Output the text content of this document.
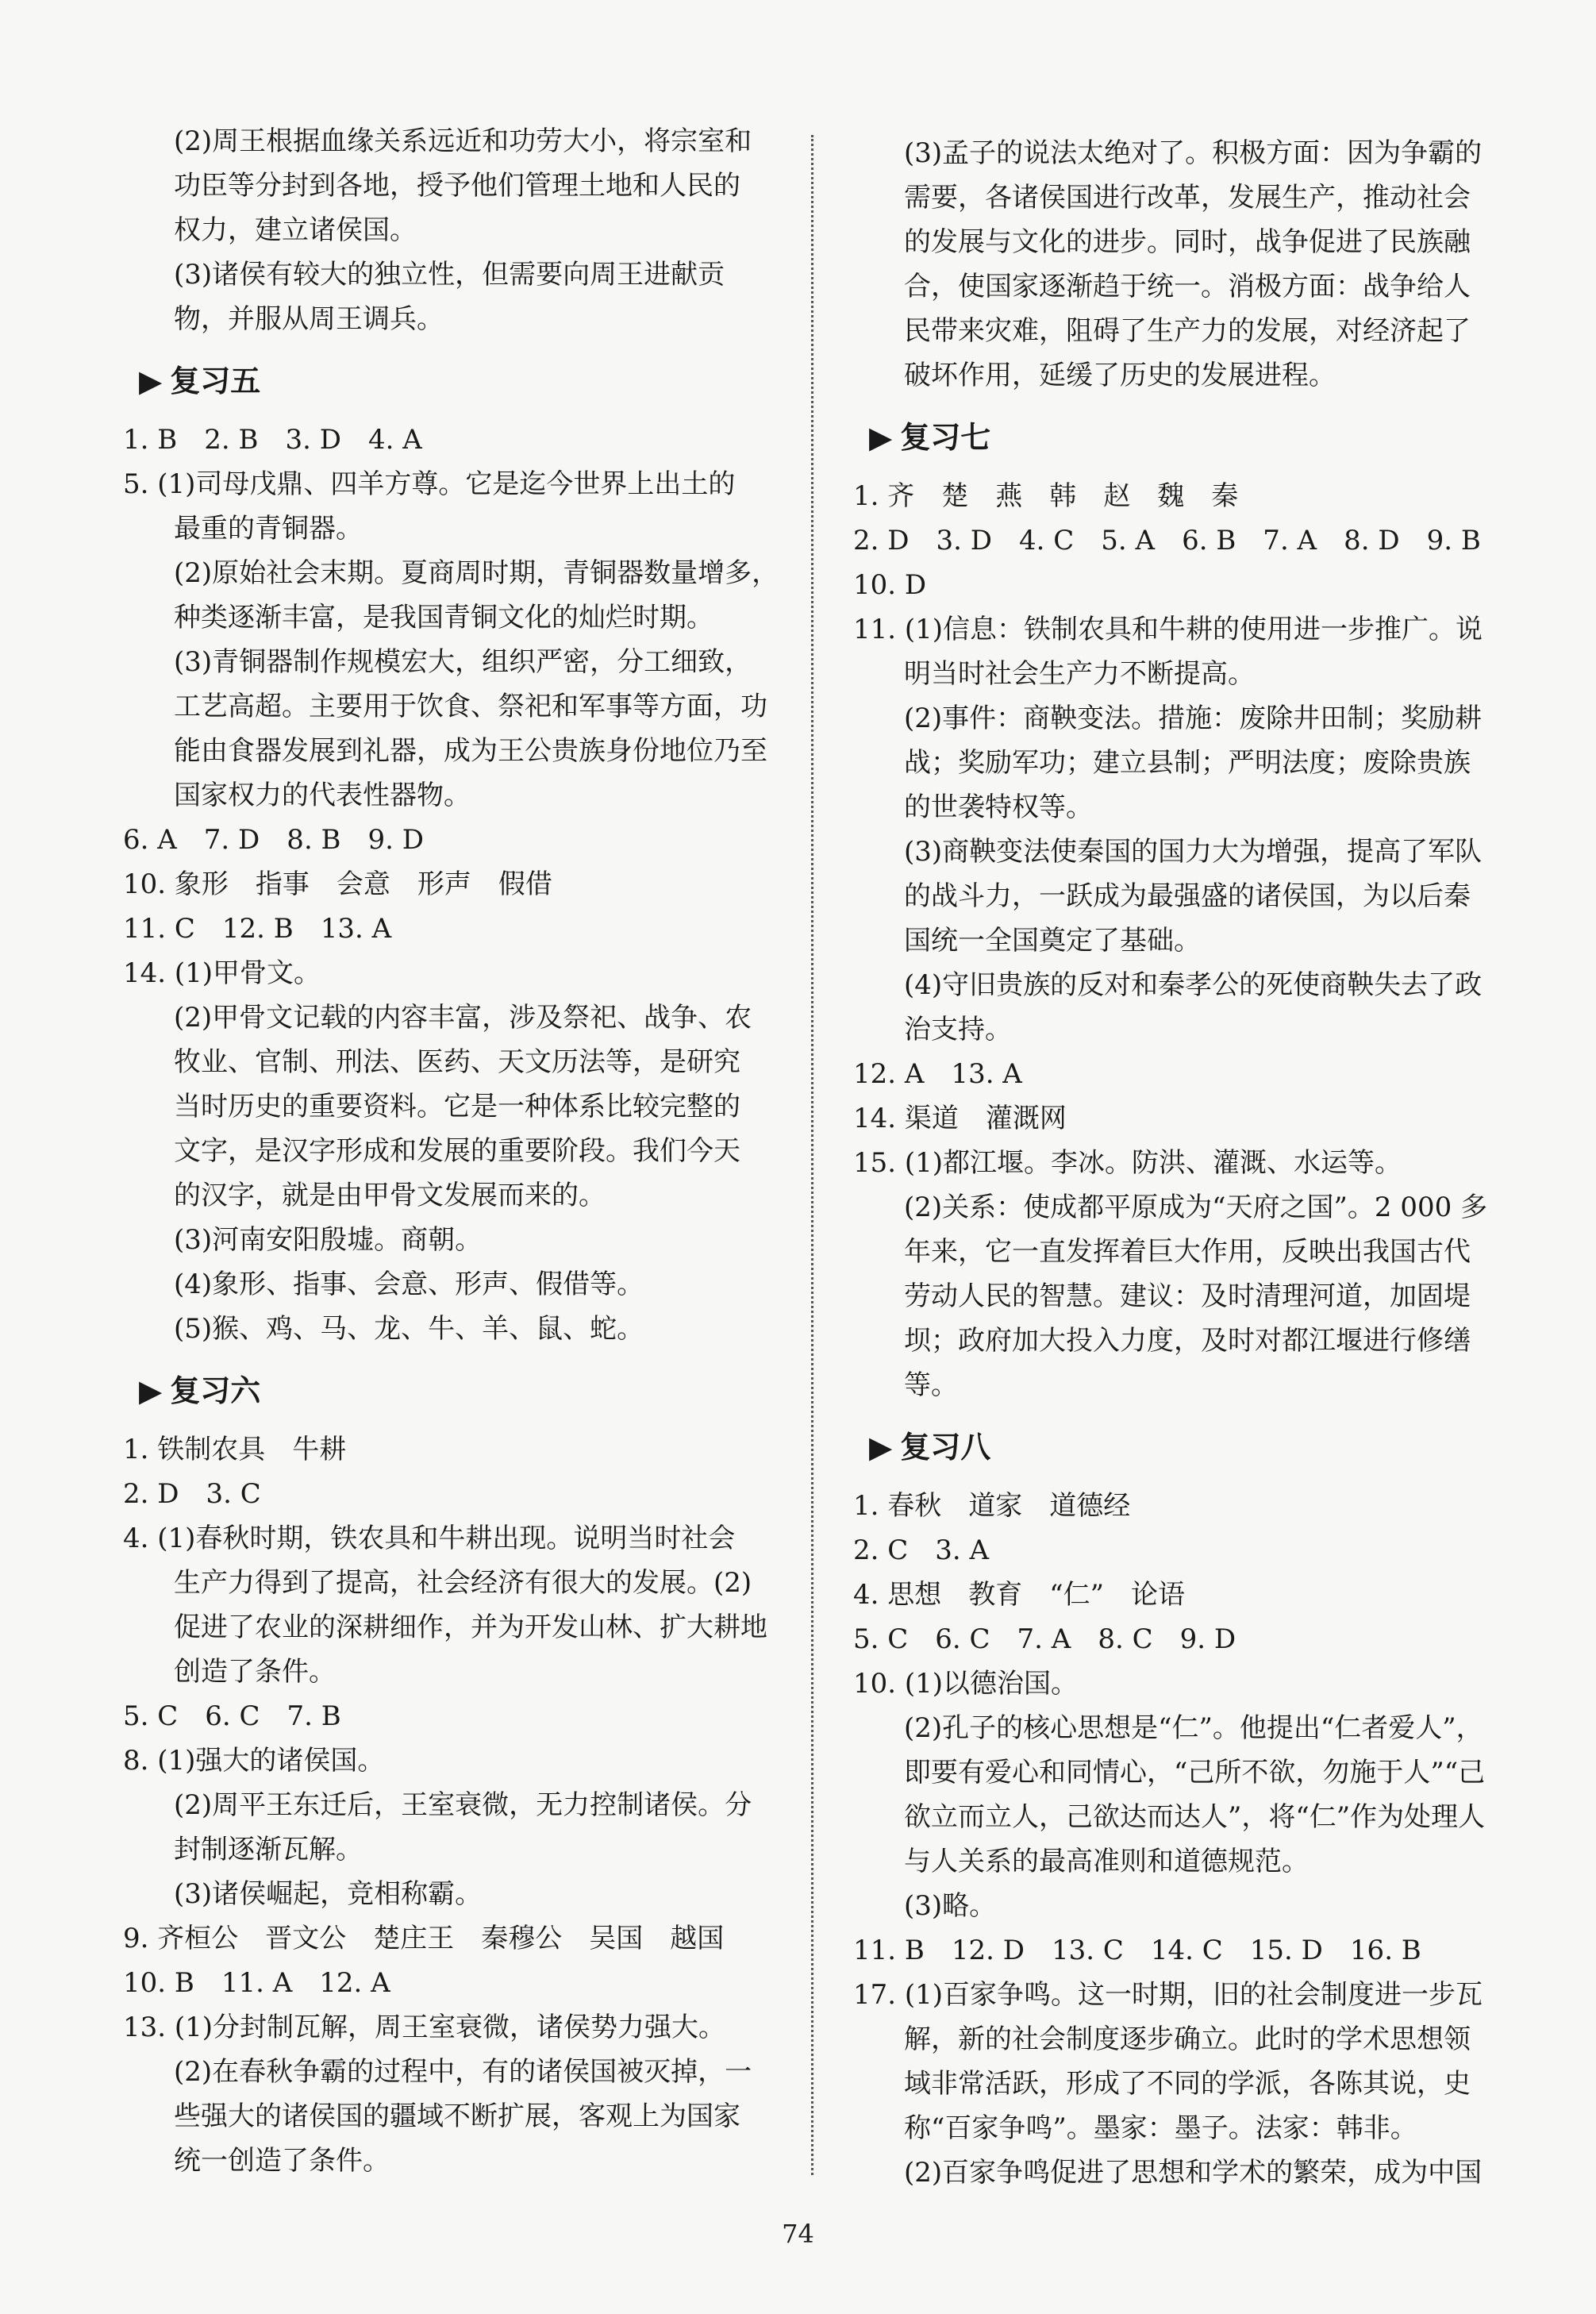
(2)周王根据血缘关系远近和功劳大小，将宗室和
功臣等分封到各地，授予他们管理土地和人民的
权力，建立诸侯国。
(3)诸侯有较大的独立性，但需要向周王进献贡
物，并服从周王调兵。
▶ 复习五
1. B　2. B　3. D　4. A
5. (1)司母戊鼎、四羊方尊。它是迄今世界上出土的
最重的青铜器。
(2)原始社会末期。夏商周时期，青铜器数量增多，
种类逐渐丰富，是我国青铜文化的灿烂时期。
(3)青铜器制作规模宏大，组织严密，分工细致，
工艺高超。主要用于饮食、祭祀和军事等方面，功
能由食器发展到礼器，成为王公贵族身份地位乃至
国家权力的代表性器物。
6. A　7. D　8. B　9. D
10. 象形　指事　会意　形声　假借
11. C　12. B　13. A
14. (1)甲骨文。
(2)甲骨文记载的内容丰富，涉及祭祀、战争、农
牧业、官制、刑法、医药、天文历法等，是研究
当时历史的重要资料。它是一种体系比较完整的
文字，是汉字形成和发展的重要阶段。我们今天
的汉字，就是由甲骨文发展而来的。
(3)河南安阳殷墟。商朝。
(4)象形、指事、会意、形声、假借等。
(5)猴、鸡、马、龙、牛、羊、鼠、蛇。
▶ 复习六
1. 铁制农具　牛耕
2. D　3. C
4. (1)春秋时期，铁农具和牛耕出现。说明当时社会
生产力得到了提高，社会经济有很大的发展。(2)
促进了农业的深耕细作，并为开发山林、扩大耕地
创造了条件。
5. C　6. C　7. B
8. (1)强大的诸侯国。
(2)周平王东迁后，王室衰微，无力控制诸侯。分
封制逐渐瓦解。
(3)诸侯崛起，竞相称霸。
9. 齐桓公　晋文公　楚庄王　秦穆公　吴国　越国
10. B　11. A　12. A
13. (1)分封制瓦解，周王室衰微，诸侯势力强大。
(2)在春秋争霸的过程中，有的诸侯国被灭掉，一
些强大的诸侯国的疆域不断扩展，客观上为国家
统一创造了条件。
(3)孟子的说法太绝对了。积极方面：因为争霸的
需要，各诸侯国进行改革，发展生产，推动社会
的发展与文化的进步。同时，战争促进了民族融
合，使国家逐渐趋于统一。消极方面：战争给人
民带来灾难，阻碍了生产力的发展，对经济起了
破坏作用，延缓了历史的发展进程。
▶ 复习七
1. 齐　楚　燕　韩　赵　魏　秦
2. D　3. D　4. C　5. A　6. B　7. A　8. D　9. B
10. D
11. (1)信息：铁制农具和牛耕的使用进一步推广。说
明当时社会生产力不断提高。
(2)事件：商鞅变法。措施：废除井田制；奖励耕
战；奖励军功；建立县制；严明法度；废除贵族
的世袭特权等。
(3)商鞅变法使秦国的国力大为增强，提高了军队
的战斗力，一跃成为最强盛的诸侯国，为以后秦
国统一全国奠定了基础。
(4)守旧贵族的反对和秦孝公的死使商鞅失去了政
治支持。
12. A　13. A
14. 渠道　灌溉网
15. (1)都江堰。李冰。防洪、灌溉、水运等。
(2)关系：使成都平原成为“天府之国”。2 000 多
年来，它一直发挥着巨大作用，反映出我国古代
劳动人民的智慧。建议：及时清理河道，加固堤
坝；政府加大投入力度，及时对都江堰进行修缮
等。
▶ 复习八
1. 春秋　道家　道德经
2. C　3. A
4. 思想　教育　“仁”　论语
5. C　6. C　7. A　8. C　9. D
10. (1)以德治国。
(2)孔子的核心思想是“仁”。他提出“仁者爱人”，
即要有爱心和同情心，“己所不欲，勿施于人”“己
欲立而立人，己欲达而达人”，将“仁”作为处理人
与人关系的最高准则和道德规范。
(3)略。
11. B　12. D　13. C　14. C　15. D　16. B
17. (1)百家争鸣。这一时期，旧的社会制度进一步瓦
解，新的社会制度逐步确立。此时的学术思想领
域非常活跃，形成了不同的学派，各陈其说，史
称“百家争鸣”。墨家：墨子。法家：韩非。
(2)百家争鸣促进了思想和学术的繁荣，成为中国
74
